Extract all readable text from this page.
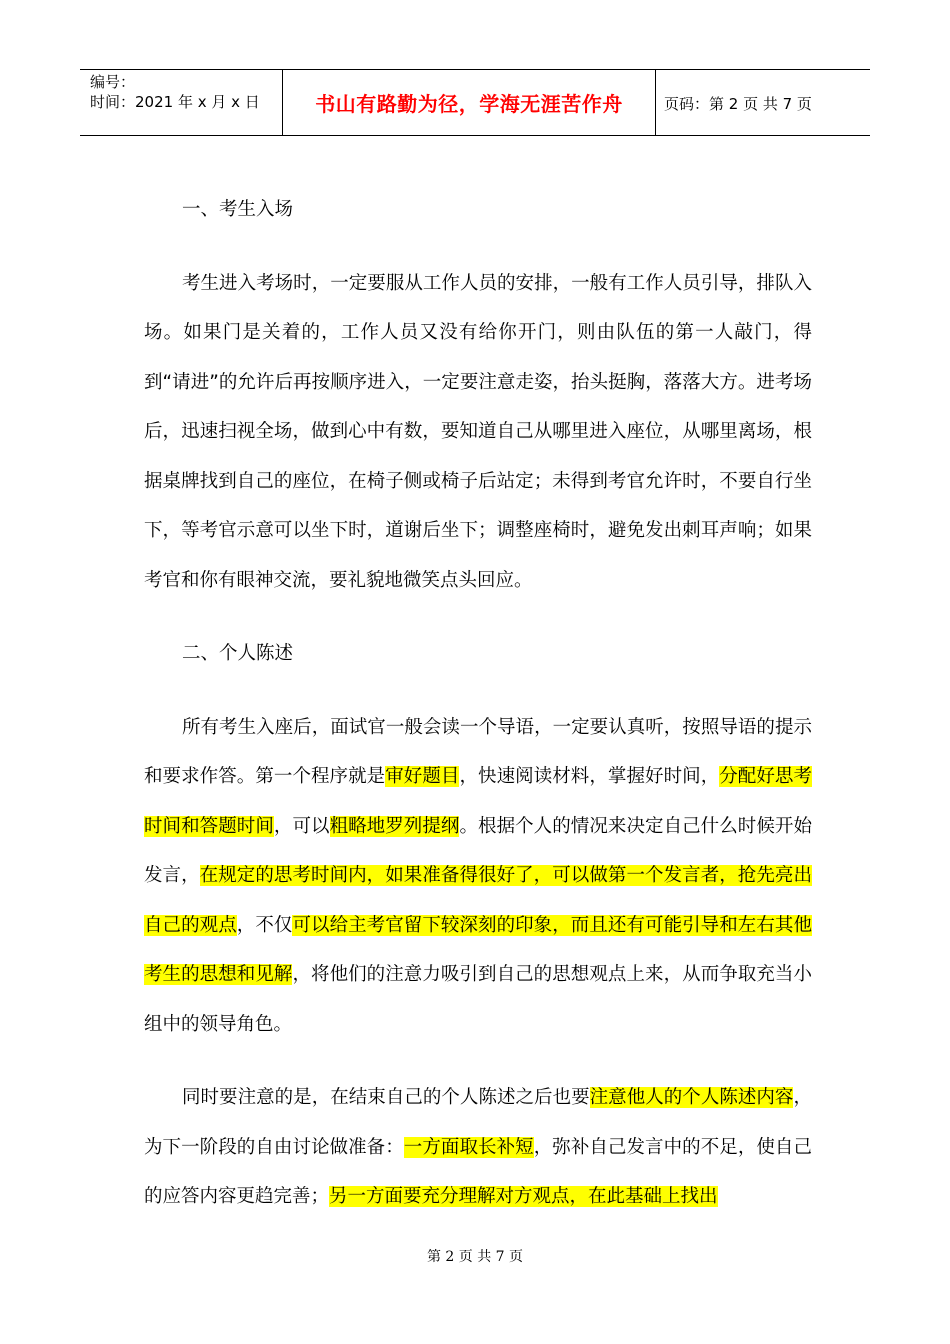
编号：
时间：2021 年 x 月 x 日	书山有路勤为径，学海无涯苦作舟	页码：第 2 页 共 7 页

一、考生入场

考生进入考场时，一定要服从工作人员的安排，一般有工作人员引导，排队入场。如果门是关着的，工作人员又没有给你开门，则由队伍的第一人敲门，得到“请进”的允许后再按顺序进入，一定要注意走姿，抬头挺胸，落落大方。进考场后，迅速扫视全场，做到心中有数，要知道自己从哪里进入座位，从哪里离场，根据桌牌找到自己的座位，在椅子侧或椅子后站定；未得到考官允许时，不要自行坐下，等考官示意可以坐下时，道谢后坐下；调整座椅时，避免发出刺耳声响；如果考官和你有眼神交流，要礼貌地微笑点头回应。

二、个人陈述

所有考生入座后，面试官一般会读一个导语，一定要认真听，按照导语的提示和要求作答。第一个程序就是审好题目，快速阅读材料，掌握好时间，分配好思考时间和答题时间，可以粗略地罗列提纲。根据个人的情况来决定自己什么时候开始发言，在规定的思考时间内，如果准备得很好了，可以做第一个发言者，抢先亮出自己的观点，不仅可以给主考官留下较深刻的印象，而且还有可能引导和左右其他考生的思想和见解，将他们的注意力吸引到自己的思想观点上来，从而争取充当小组中的领导角色。

同时要注意的是，在结束自己的个人陈述之后也要注意他人的个人陈述内容，为下一阶段的自由讨论做准备：一方面取长补短，弥补自己发言中的不足，使自己的应答内容更趋完善；另一方面要充分理解对方观点，在此基础上找出

第 2 页 共 7 页
